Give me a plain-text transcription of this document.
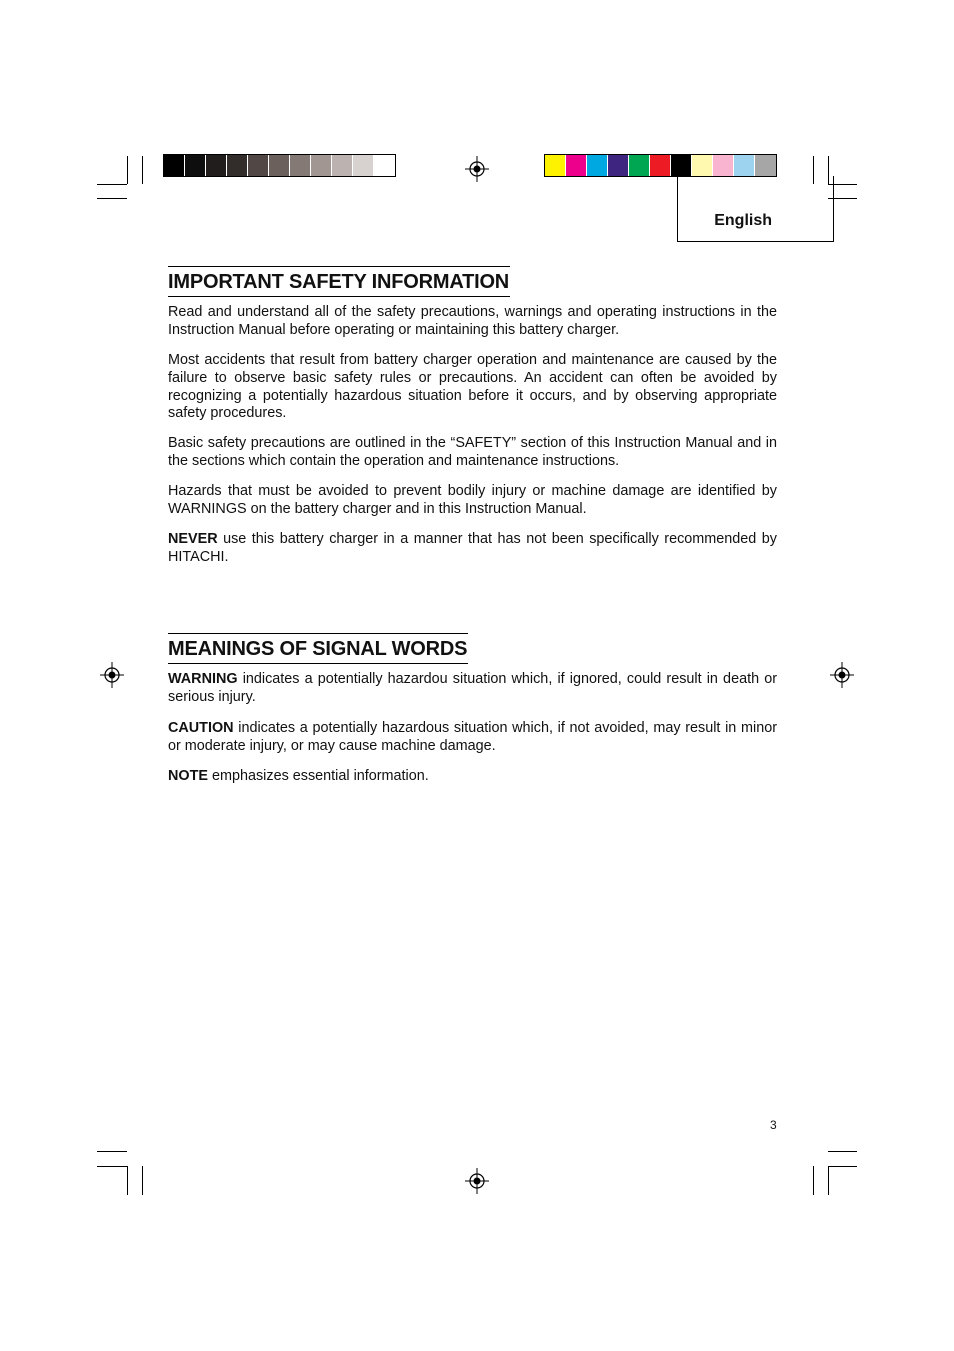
English
IMPORTANT SAFETY INFORMATION

Read and understand all of the safety precautions, warnings and operating instructions in the Instruction Manual before operating or maintaining this battery charger.

Most accidents that result from battery charger operation and maintenance are caused by the failure to observe basic safety rules or precautions. An accident can often be avoided by recognizing a potentially hazardous situation before it occurs, and by observing appropriate safety procedures.

Basic safety precautions are outlined in the “SAFETY” section of this Instruction Manual and in the sections which contain the operation and maintenance instructions.

Hazards that must be avoided to prevent bodily injury or machine damage are identified by WARNINGS on the battery charger and in this Instruction Manual.

NEVER use this battery charger in a manner that has not been specifically recommended by HITACHI.

MEANINGS OF SIGNAL WORDS

WARNING indicates a potentially hazardou situation which, if ignored, could result in death or serious injury.

CAUTION indicates a potentially hazardous situation which, if not avoided, may result in minor or moderate injury, or may cause machine damage.

NOTE emphasizes essential information.

3
